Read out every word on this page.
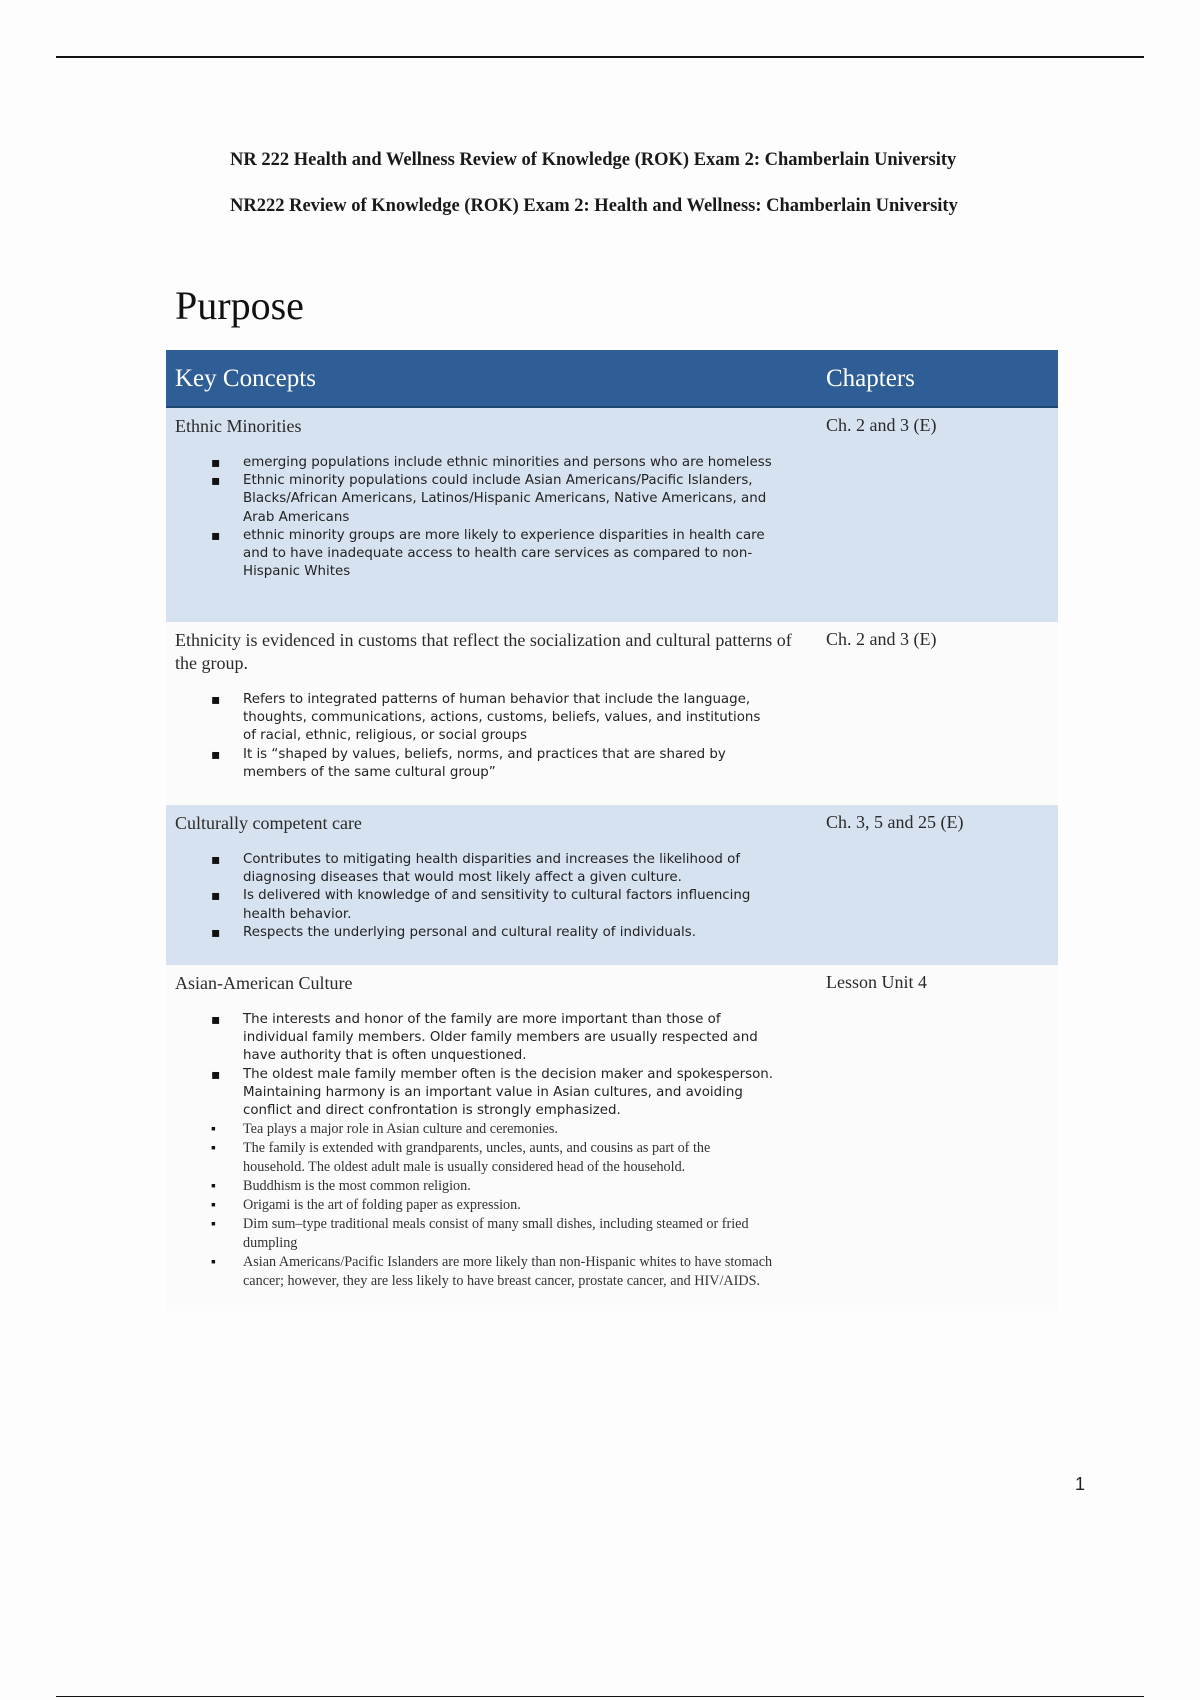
NR 222 Health and Wellness Review of Knowledge (ROK) Exam 2: Chamberlain University
NR222 Review of Knowledge (ROK) Exam 2: Health and Wellness: Chamberlain University
Purpose
Key Concepts	Chapters
Ethnic Minorities
▪ emerging populations include ethnic minorities and persons who are homeless
▪ Ethnic minority populations could include Asian Americans/Pacific Islanders, Blacks/African Americans, Latinos/Hispanic Americans, Native Americans, and Arab Americans
▪ ethnic minority groups are more likely to experience disparities in health care and to have inadequate access to health care services as compared to non-Hispanic Whites
Ch. 2 and 3 (E)
Ethnicity is evidenced in customs that reflect the socialization and cultural patterns of the group.
▪ Refers to integrated patterns of human behavior that include the language, thoughts, communications, actions, customs, beliefs, values, and institutions of racial, ethnic, religious, or social groups
▪ It is “shaped by values, beliefs, norms, and practices that are shared by members of the same cultural group”
Ch. 2 and 3 (E)
Culturally competent care
▪ Contributes to mitigating health disparities and increases the likelihood of diagnosing diseases that would most likely affect a given culture.
▪ Is delivered with knowledge of and sensitivity to cultural factors influencing health behavior.
▪ Respects the underlying personal and cultural reality of individuals.
Ch. 3, 5 and 25 (E)
Asian-American Culture
▪ The interests and honor of the family are more important than those of individual family members. Older family members are usually respected and have authority that is often unquestioned.
▪ The oldest male family member often is the decision maker and spokesperson. Maintaining harmony is an important value in Asian cultures, and avoiding conflict and direct confrontation is strongly emphasized.
▪ Tea plays a major role in Asian culture and ceremonies.
▪ The family is extended with grandparents, uncles, aunts, and cousins as part of the household. The oldest adult male is usually considered head of the household.
▪ Buddhism is the most common religion.
▪ Origami is the art of folding paper as expression.
▪ Dim sum–type traditional meals consist of many small dishes, including steamed or fried dumpling
▪ Asian Americans/Pacific Islanders are more likely than non-Hispanic whites to have stomach cancer; however, they are less likely to have breast cancer, prostate cancer, and HIV/AIDS.
Lesson Unit 4
1
